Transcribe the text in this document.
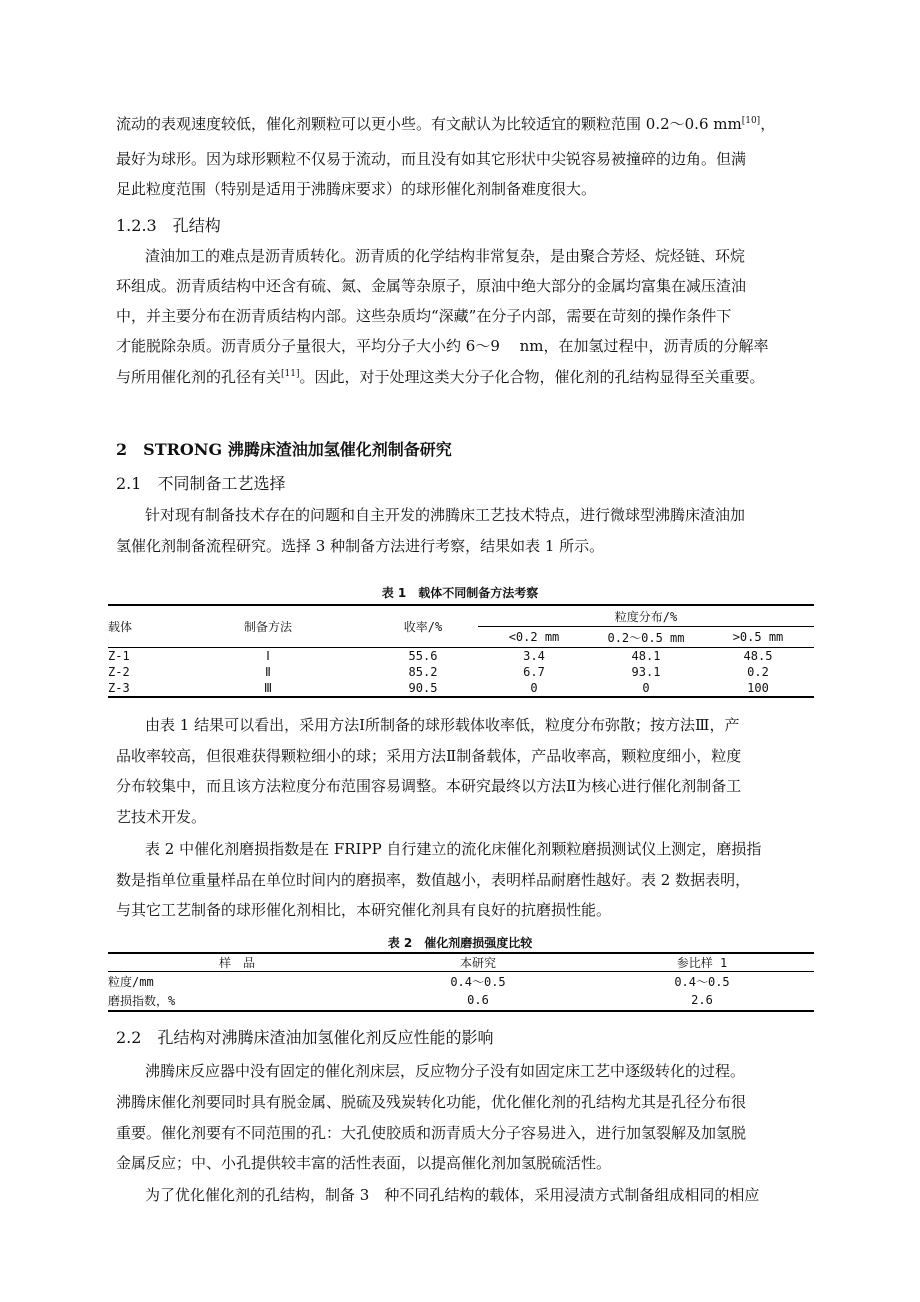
流动的表观速度较低，催化剂颗粒可以更小些。有文献认为比较适宜的颗粒范围 0.2～0.6 mm[10]，
最好为球形。因为球形颗粒不仅易于流动，而且没有如其它形状中尖锐容易被撞碎的边角。但满
足此粒度范围（特别是适用于沸腾床要求）的球形催化剂制备难度很大。
1.2.3　孔结构
渣油加工的难点是沥青质转化。沥青质的化学结构非常复杂，是由聚合芳烃、烷烃链、环烷
环组成。沥青质结构中还含有硫、氮、金属等杂原子，原油中绝大部分的金属均富集在减压渣油
中，并主要分布在沥青质结构内部。这些杂质均“深藏”在分子内部，需要在苛刻的操作条件下
才能脱除杂质。沥青质分子量很大，平均分子大小约 6～9　 nm，在加氢过程中，沥青质的分解率
与所用催化剂的孔径有关[11]。因此，对于处理这类大分子化合物，催化剂的孔结构显得至关重要。
2　STRONG 沸腾床渣油加氢催化剂制备研究
2.1　不同制备工艺选择
针对现有制备技术存在的问题和自主开发的沸腾床工艺技术特点，进行微球型沸腾床渣油加
氢催化剂制备流程研究。选择 3 种制备方法进行考察，结果如表 1 所示。
表 1　载体不同制备方法考察
载体	制备方法	收率/%	粒度分布/%		
			<0.2 mm	0.2～0.5 mm	>0.5 mm
Z-1	Ⅰ	55.6	3.4	48.1	48.5
Z-2	Ⅱ	85.2	6.7	93.1	0.2
Z-3	Ⅲ	90.5	0	0	100
由表 1 结果可以看出，采用方法Ⅰ所制备的球形载体收率低，粒度分布弥散；按方法Ⅲ，产
品收率较高，但很难获得颗粒细小的球；采用方法Ⅱ制备载体，产品收率高，颗粒度细小，粒度
分布较集中，而且该方法粒度分布范围容易调整。本研究最终以方法Ⅱ为核心进行催化剂制备工
艺技术开发。
表 2 中催化剂磨损指数是在 FRIPP 自行建立的流化床催化剂颗粒磨损测试仪上测定，磨损指
数是指单位重量样品在单位时间内的磨损率，数值越小，表明样品耐磨性越好。表 2 数据表明，
与其它工艺制备的球形催化剂相比，本研究催化剂具有良好的抗磨损性能。
表 2　催化剂磨损强度比较
样　品	本研究	参比样 1
粒度/mm	0.4～0.5	0.4～0.5
磨损指数，%	0.6	2.6
2.2　孔结构对沸腾床渣油加氢催化剂反应性能的影响
沸腾床反应器中没有固定的催化剂床层，反应物分子没有如固定床工艺中逐级转化的过程。
沸腾床催化剂要同时具有脱金属、脱硫及残炭转化功能，优化催化剂的孔结构尤其是孔径分布很
重要。催化剂要有不同范围的孔：大孔使胶质和沥青质大分子容易进入，进行加氢裂解及加氢脱
金属反应；中、小孔提供较丰富的活性表面，以提高催化剂加氢脱硫活性。
为了优化催化剂的孔结构，制备 3　种不同孔结构的载体，采用浸渍方式制备组成相同的相应
